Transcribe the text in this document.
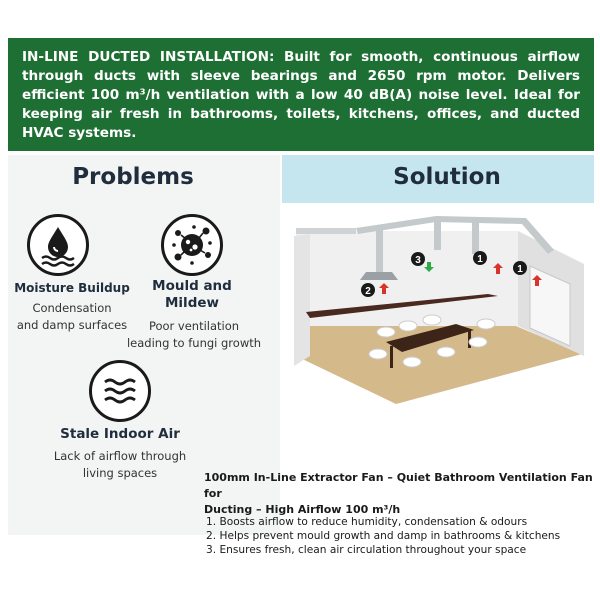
IN-LINE DUCTED INSTALLATION: Built for smooth, continuous airflow through ducts with sleeve bearings and 2650 rpm motor. Delivers efficient 100 m³/h ventilation with a low 40 dB(A) noise level. Ideal for keeping air fresh in bathrooms, toilets, kitchens, offices, and ducted HVAC systems.
Problems
Moisture Buildup
Condensation
and damp surfaces
Mould and
Mildew
Poor ventilation
leading to fungi growth
Stale Indoor Air
Lack of airflow through
living spaces
Solution
1
1
2
3
100mm In-Line Extractor Fan – Quiet Bathroom Ventilation Fan for
Ducting – High Airflow 100 m³/h
1. Boosts airflow to reduce humidity, condensation & odours
2. Helps prevent mould growth and damp in bathrooms & kitchens
3. Ensures fresh, clean air circulation throughout your space
